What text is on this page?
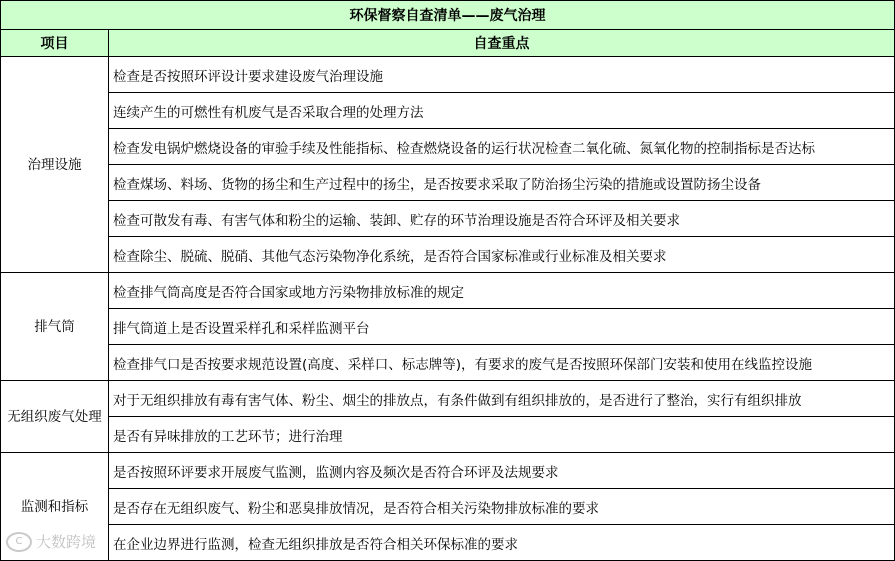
环保督察自查清单——废气治理	
项目	自查重点
治理设施	检查是否按照环评设计要求建设废气治理设施
	连续产生的可燃性有机废气是否采取合理的处理方法
	检查发电锅炉燃烧设备的审验手续及性能指标、检查燃烧设备的运行状况检查二氧化硫、氮氧化物的控制指标是否达标
	检查煤场、料场、货物的扬尘和生产过程中的扬尘，是否按要求采取了防治扬尘污染的措施或设置防扬尘设备
	检查可散发有毒、有害气体和粉尘的运输、装卸、贮存的环节治理设施是否符合环评及相关要求
	检查除尘、脱硫、脱硝、其他气态污染物净化系统，是否符合国家标准或行业标准及相关要求
排气筒	检查排气筒高度是否符合国家或地方污染物排放标准的规定
	排气筒道上是否设置采样孔和采样监测平台
	检查排气口是否按要求规范设置(高度、采样口、标志牌等)，有要求的废气是否按照环保部门安装和使用在线监控设施
无组织废气处理	对于无组织排放有毒有害气体、粉尘、烟尘的排放点，有条件做到有组织排放的，是否进行了整治，实行有组织排放
	是否有异味排放的工艺环节；进行治理
监测和指标	是否按照环评要求开展废气监测，监测内容及频次是否符合环评及法规要求
	是否存在无组织废气、粉尘和恶臭排放情况，是否符合相关污染物排放标准的要求
	在企业边界进行监测，检查无组织排放是否符合相关环保标准的要求
C 大数跨境
